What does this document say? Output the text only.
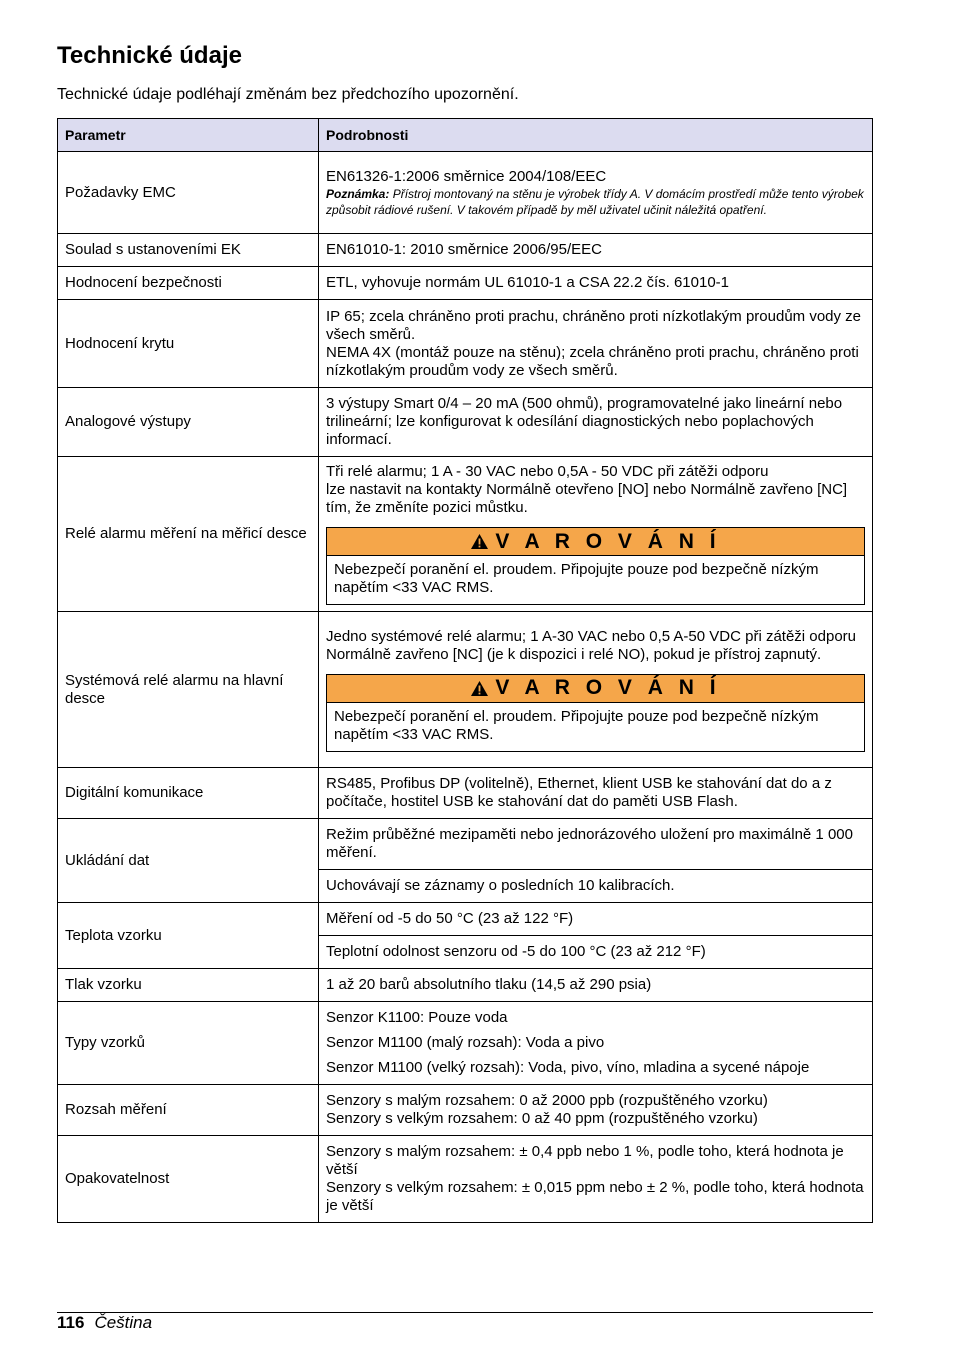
Technické údaje
Technické údaje podléhají změnám bez předchozího upozornění.
Parametr	Podrobnosti
Požadavky EMC	EN61326-1:2006 směrnice 2004/108/EEC
Poznámka: Přístroj montovaný na stěnu je výrobek třídy A. V domácím prostředí může tento výrobek způsobit rádiové rušení. V takovém případě by měl uživatel učinit náležitá opatření.

Soulad s ustanoveními EK	EN61010-1: 2010 směrnice 2006/95/EEC
Hodnocení bezpečnosti	ETL, vyhovuje normám UL 61010-1 a CSA 22.2 čís. 61010-1
Hodnocení krytu	IP 65; zcela chráněno proti prachu, chráněno proti nízkotlakým proudům vody ze všech směrů.
NEMA 4X (montáž pouze na stěnu); zcela chráněno proti prachu, chráněno proti nízkotlakým proudům vody ze všech směrů.

Analogové výstupy	3 výstupy Smart 0/4 – 20 mA (500 ohmů), programovatelné jako lineární nebo trilineární; lze konfigurovat k odesílání diagnostických nebo poplachových informací.
Relé alarmu měření na měřicí desce	Tři relé alarmu; 1 A - 30 VAC nebo 0,5A - 50 VDC při zátěži odporu
lze nastavit na kontakty Normálně otevřeno [NO] nebo Normálně zavřeno [NC] tím, že změníte pozici můstku.
V A R O V Á N Í
Nebezpečí poranění el. proudem. Připojujte pouze pod bezpečně nízkým napětím <33 VAC RMS.

Systémová relé alarmu na hlavní desce	Jedno systémové relé alarmu; 1 A-30 VAC nebo 0,5 A-50 VDC při zátěži odporu
Normálně zavřeno [NC] (je k dispozici i relé NO), pokud je přístroj zapnutý.
V A R O V Á N Í
Nebezpečí poranění el. proudem. Připojujte pouze pod bezpečně nízkým napětím <33 VAC RMS.

Digitální komunikace	RS485, Profibus DP (volitelně), Ethernet, klient USB ke stahování dat do a z počítače, hostitel USB ke stahování dat do paměti USB Flash.
Ukládání dat	Režim průběžné mezipaměti nebo jednorázového uložení pro maximálně 1 000 měření.
	Uchovávají se záznamy o posledních 10 kalibracích.
Teplota vzorku	Měření od -5 do 50 °C (23 až 122 °F)
	Teplotní odolnost senzoru od -5 do 100 °C (23 až 212 °F)
Tlak vzorku	1 až 20 barů absolutního tlaku (14,5 až 290 psia)
Typy vzorků	Senzor K1100: Pouze voda
Senzor M1100 (malý rozsah): Voda a pivo
Senzor M1100 (velký rozsah): Voda, pivo, víno, mladina a sycené nápoje

Rozsah měření	Senzory s malým rozsahem: 0 až 2000 ppb (rozpuštěného vzorku)
Senzory s velkým rozsahem: 0 až 40 ppm (rozpuštěného vzorku)

Opakovatelnost	Senzory s malým rozsahem: ± 0,4 ppb nebo 1 %, podle toho, která hodnota je větší
Senzory s velkým rozsahem: ± 0,015 ppm nebo ± 2 %, podle toho, která hodnota je větší
116 Čeština
